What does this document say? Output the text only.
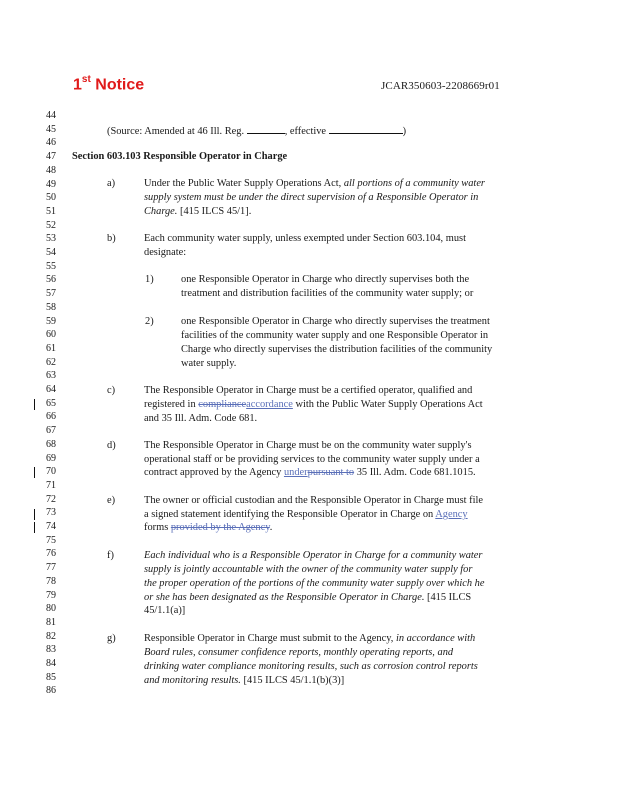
1st Notice	JCAR350603-2208669r01
44
45
46
47
48
49
50
51
52
53
54
55
56
57
58
59
60
61
62
63
64
65
66
67
68
69
70
71
72
73
74
75
76
77
78
79
80
81
82
83
84
85
86
(Source: Amended at 46 Ill. Reg.	, effective	)
Section 603.103 Responsible Operator in Charge
a)	Under the Public Water Supply Operations Act, all portions of a community water
supply system must be under the direct supervision of a Responsible Operator in
Charge. [415 ILCS 45/1].
b)	Each community water supply, unless exempted under Section 603.104, must
designate:
1)	one Responsible Operator in Charge who directly supervises both the
treatment and distribution facilities of the community water supply; or
2)	one Responsible Operator in Charge who directly supervises the treatment
facilities of the community water supply and one Responsible Operator in
Charge who directly supervises the distribution facilities of the community
water supply.
c)	The Responsible Operator in Charge must be a certified operator, qualified and
registered in complianceaccordance with the Public Water Supply Operations Act
and 35 Ill. Adm. Code 681.
d)	The Responsible Operator in Charge must be on the community water supply's
operational staff or be providing services to the community water supply under a
contract approved by the Agency underpursuant to 35 Ill. Adm. Code 681.1015.
e)	The owner or official custodian and the Responsible Operator in Charge must file
a signed statement identifying the Responsible Operator in Charge on Agency
forms provided by the Agency.
f)	Each individual who is a Responsible Operator in Charge for a community water
supply is jointly accountable with the owner of the community water supply for
the proper operation of the portions of the community water supply over which he
or she has been designated as the Responsible Operator in Charge. [415 ILCS
45/1.1(a)]
g)	Responsible Operator in Charge must submit to the Agency, in accordance with
Board rules, consumer confidence reports, monthly operating reports, and
drinking water compliance monitoring results, such as corrosion control reports
and monitoring results. [415 ILCS 45/1.1(b)(3)]
